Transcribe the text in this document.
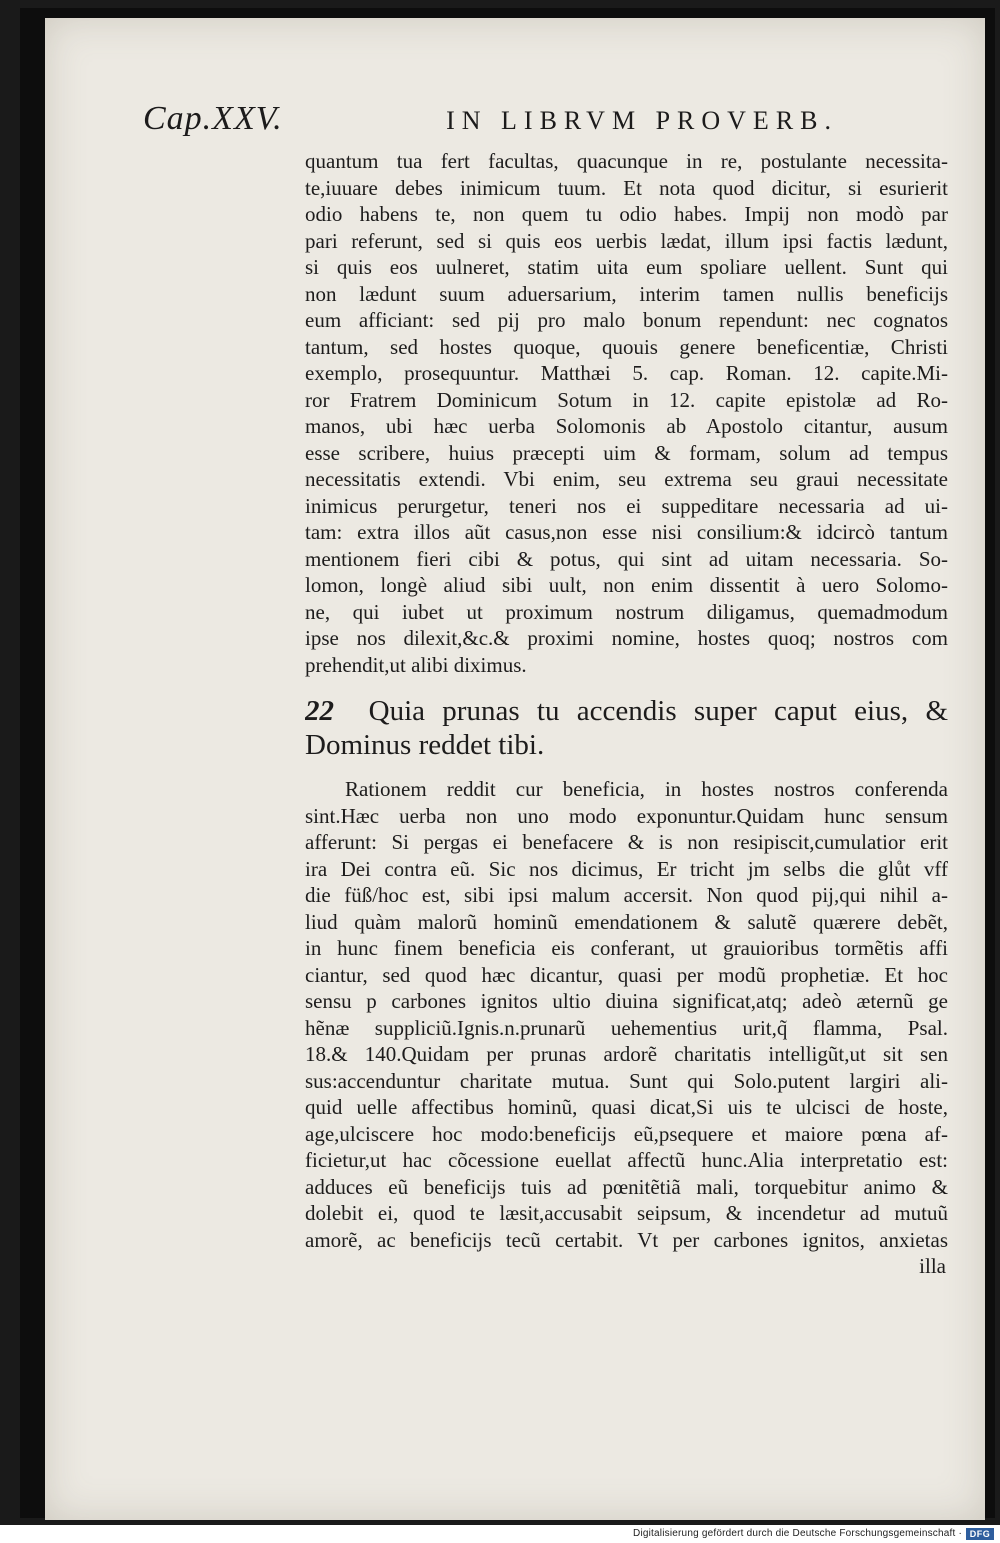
Cap.XXV.	IN LIBRVM PROVERB.
quantum tua fert facultas, quacunque in re, postulante necessita-
te,iuuare debes inimicum tuum. Et nota quod dicitur, si esurierit
odio habens te, non quem tu odio habes. Impij non modò par
pari referunt, sed si quis eos uerbis lædat, illum ipsi factis lædunt,
si quis eos uulneret, statim uita eum spoliare uellent. Sunt qui
non lædunt suum aduersarium, interim tamen nullis beneficijs
eum afficiant: sed pij pro malo bonum rependunt: nec cognatos
tantum, sed hostes quoque, quouis genere beneficentiæ, Christi
exemplo, prosequuntur. Matthæi 5. cap. Roman. 12. capite.Mi-
ror Fratrem Dominicum Sotum in 12. capite epistolæ ad Ro-
manos, ubi hæc uerba Solomonis ab Apostolo citantur, ausum
esse scribere, huius præcepti uim & formam, solum ad tempus
necessitatis extendi. Vbi enim, seu extrema seu graui necessitate
inimicus perurgetur, teneri nos ei suppeditare necessaria ad ui-
tam: extra illos aũt casus,non esse nisi consilium:& idcircò tantum
mentionem fieri cibi & potus, qui sint ad uitam necessaria. So-
lomon, longè aliud sibi uult, non enim dissentit à uero Solomo-
ne, qui iubet ut proximum nostrum diligamus, quemadmodum
ipse nos dilexit,&c.& proximi nomine, hostes quoq; nostros com
prehendit,ut alibi diximus.
22 Quia prunas tu accendis super caput eius, &
Dominus reddet tibi.
Rationem reddit cur beneficia, in hostes nostros conferenda
sint.Hæc uerba non uno modo exponuntur.Quidam hunc sensum
afferunt: Si pergas ei benefacere & is non resipiscit,cumulatior erit
ira Dei contra eũ. Sic nos dicimus, Er tricht jm selbs die glůt vff
die füß/hoc est, sibi ipsi malum accersit. Non quod pij,qui nihil a-
liud quàm malorũ hominũ emendationem & salutẽ quærere debẽt,
in hunc finem beneficia eis conferant, ut grauioribus tormẽtis affi
ciantur, sed quod hæc dicantur, quasi per modũ prophetiæ. Et hoc
sensu p carbones ignitos ultio diuina significat,atq; adeò æternũ ge
hẽnæ suppliciũ.Ignis.n.prunarũ uehementius urit,q̃ flamma, Psal.
18.& 140.Quidam per prunas ardorẽ charitatis intelligũt,ut sit sen
sus:accenduntur charitate mutua. Sunt qui Solo.putent largiri ali-
quid uelle affectibus hominũ, quasi dicat,Si uis te ulcisci de hoste,
age,ulciscere hoc modo:beneficijs eũ,psequere et maiore pœna af-
ficietur,ut hac cõcessione euellat affectũ hunc.Alia interpretatio est:
adduces eũ beneficijs tuis ad pœnitẽtiã mali, torquebitur animo &
dolebit ei, quod te læsit,accusabit seipsum, & incendetur ad mutuũ
amorẽ, ac beneficijs tecũ certabit. Vt per carbones ignitos, anxietas
illa
Digitalisierung gefördert durch die Deutsche Forschungsgemeinschaft · DFG
